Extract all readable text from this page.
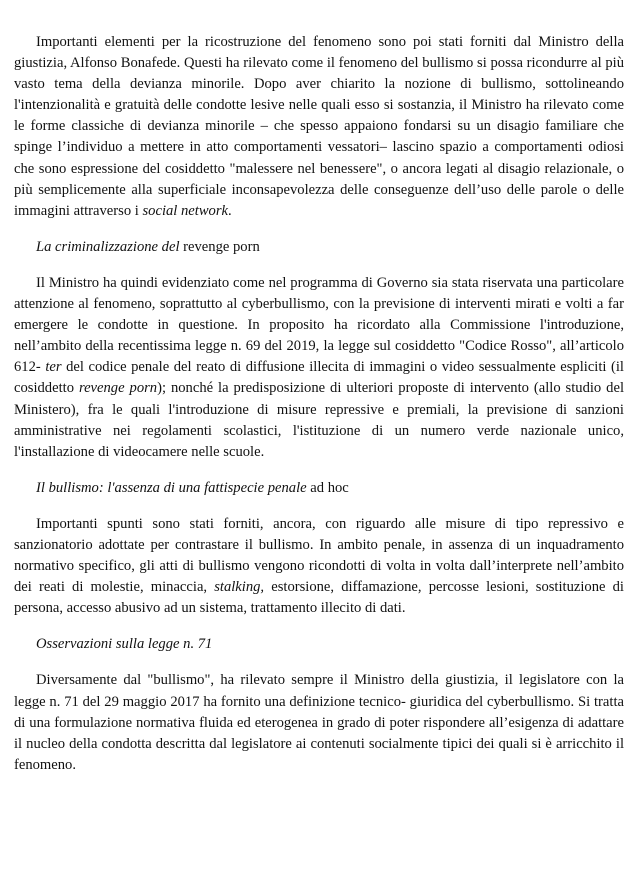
Importanti elementi per la ricostruzione del fenomeno sono poi stati forniti dal Ministro della giustizia, Alfonso Bonafede. Questi ha rilevato come il fenomeno del bullismo si possa ricondurre al più vasto tema della devianza minorile. Dopo aver chiarito la nozione di bullismo, sottolineando l'intenzionalità e gratuità delle condotte lesive nelle quali esso si sostanzia, il Ministro ha rilevato come le forme classiche di devianza minorile – che spesso appaiono fondarsi su un disagio familiare che spinge l’individuo a mettere in atto comportamenti vessatori– lascino spazio a comportamenti odiosi che sono espressione del cosiddetto "malessere nel benessere", o ancora legati al disagio relazionale, o più semplicemente alla superficiale inconsapevolezza delle conseguenze dell’uso delle parole o delle immagini attraverso i social network.

La criminalizzazione del revenge porn

Il Ministro ha quindi evidenziato come nel programma di Governo sia stata riservata una particolare attenzione al fenomeno, soprattutto al cyberbullismo, con la previsione di interventi mirati e volti a far emergere le condotte in questione. In proposito ha ricordato alla Commissione l'introduzione, nell’ambito della recentissima legge n. 69 del 2019, la legge sul cosiddetto "Codice Rosso", all’articolo 612- ter del codice penale del reato di diffusione illecita di immagini o video sessualmente espliciti (il cosiddetto revenge porn); nonché la predisposizione di ulteriori proposte di intervento (allo studio del Ministero), fra le quali l'introduzione di misure repressive e premiali, la previsione di sanzioni amministrative nei regolamenti scolastici, l'istituzione di un numero verde nazionale unico, l'installazione di videocamere nelle scuole.

Il bullismo: l'assenza di una fattispecie penale ad hoc

Importanti spunti sono stati forniti, ancora, con riguardo alle misure di tipo repressivo e sanzionatorio adottate per contrastare il bullismo. In ambito penale, in assenza di un inquadramento normativo specifico, gli atti di bullismo vengono ricondotti di volta in volta dall’interprete nell’ambito dei reati di molestie, minaccia, stalking, estorsione, diffamazione, percosse lesioni, sostituzione di persona, accesso abusivo ad un sistema, trattamento illecito di dati.

Osservazioni sulla legge n. 71

Diversamente dal "bullismo", ha rilevato sempre il Ministro della giustizia, il legislatore con la legge n. 71 del 29 maggio 2017 ha fornito una definizione tecnico- giuridica del cyberbullismo. Si tratta di una formulazione normativa fluida ed eterogenea in grado di poter rispondere all’esigenza di adattare il nucleo della condotta descritta dal legislatore ai contenuti socialmente tipici dei quali si è arricchito il fenomeno.
